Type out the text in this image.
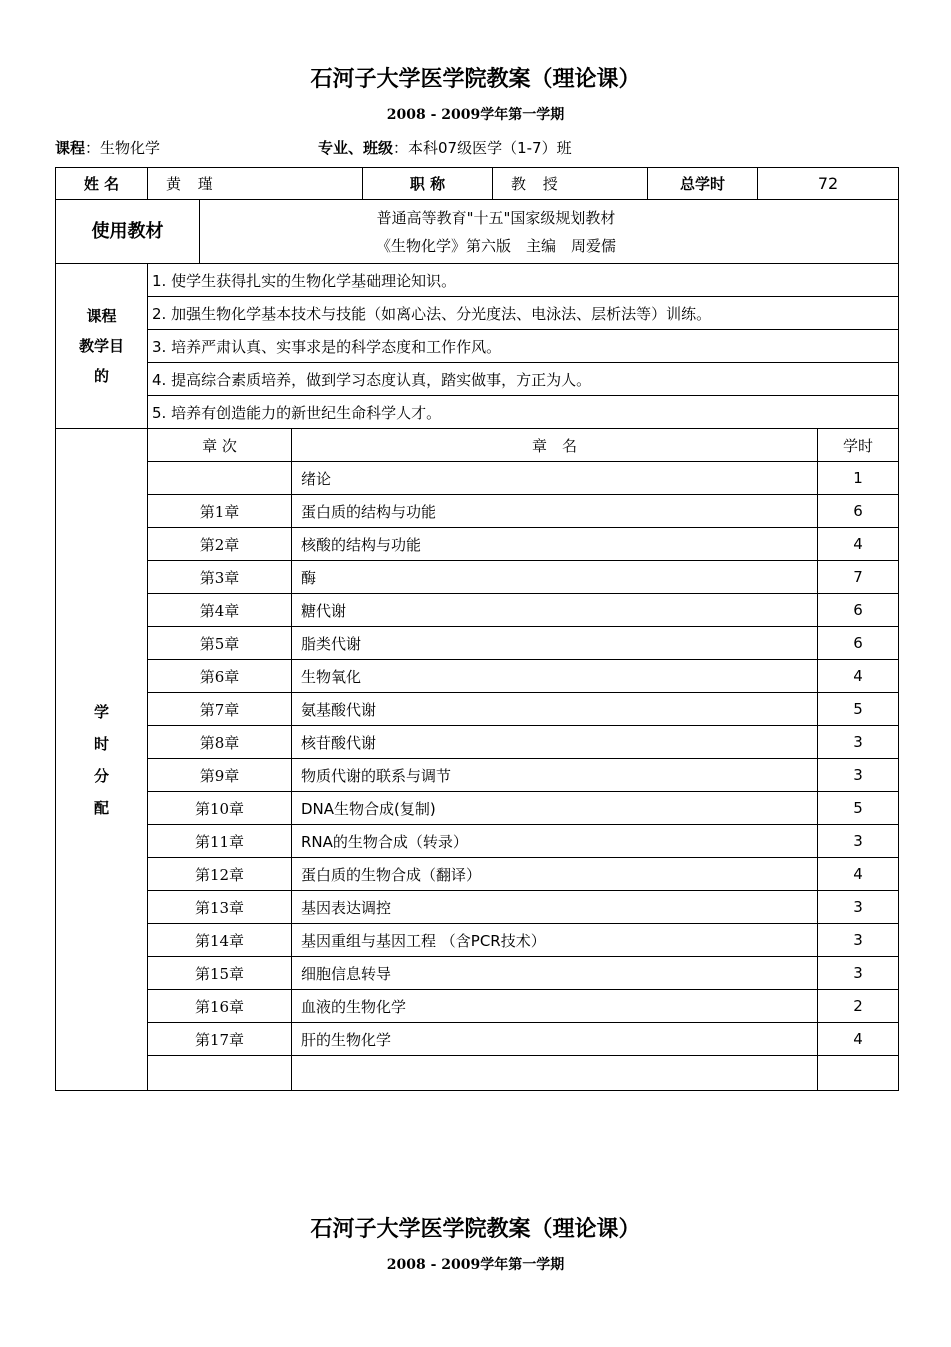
石河子大学医学院教案（理论课）
2008 - 2009学年第一学期
课程：生物化学	专业、班级：本科07级医学（1-7）班
姓 名	黄 瑾			职 称	教 授	总学时	72	
使用教材		普通高等教育"十五"国家级规划教材
《生物化学》第六版　主编　周爱儒						

课程
教学目
的	1. 使学生获得扎实的生物化学基础理论知识。							
	2. 加强生物化学基本技术与技能（如离心法、分光度法、电泳法、层析法等）训练。							
	3. 培养严肃认真、实事求是的科学态度和工作作风。							
	4. 提高综合素质培养，做到学习态度认真，踏实做事，方正为人。							
	5. 培养有创造能力的新世纪生命科学人才。							

学
时
分
配	章 次		章　名					学时
			绪论					1
	第1章		蛋白质的结构与功能					6
	第2章		核酸的结构与功能					4
	第3章		酶					7
	第4章		糖代谢					6
	第5章		脂类代谢					6
	第6章		生物氧化					4
	第7章		氨基酸代谢					5
	第8章		核苷酸代谢					3
	第9章		物质代谢的联系与调节					3
	第10章		DNA生物合成(复制)					5
	第11章		RNA的生物合成（转录）					3
	第12章		蛋白质的生物合成（翻译）					4
	第13章		基因表达调控					3
	第14章		基因重组与基因工程 （含PCR技术）					3
	第15章		细胞信息转导					3
	第16章		血液的生物化学					2
	第17章		肝的生物化学					4

石河子大学医学院教案（理论课）
2008 - 2009学年第一学期
